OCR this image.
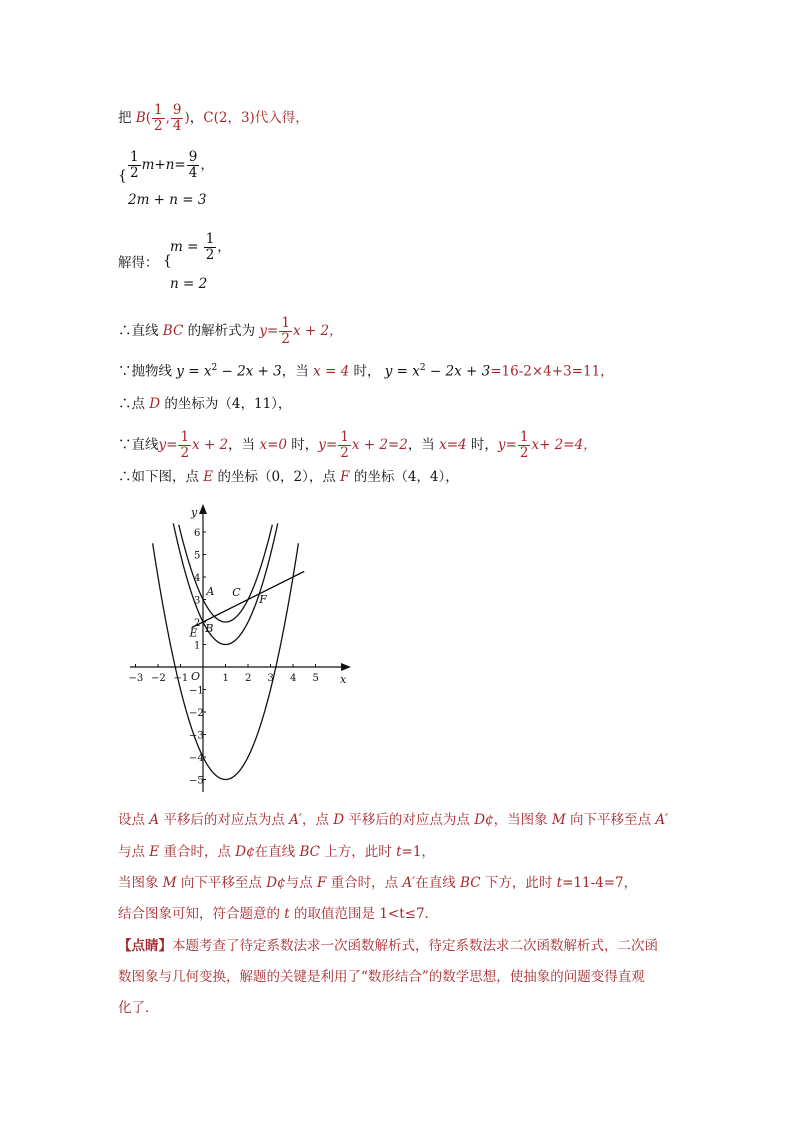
把 $B( \frac{1}{2}$ , $\frac{9}{4}$ )，C(2，3)代入得，
{ $\frac{1}{2} m+n= \frac{9}{4}$ ，
2m + n = 3
解得： {
$m = \frac{1}{2}$ ，
n = 2
∴直线 BC 的解析式为 $y= \frac{1}{2}$ x + 2，
∵抛物线 $y = x^2 - 2x + 3$，当 x = 4 时， $y = x^2 - 2x + 3=16-2\times 4+3=11$，
∴点 D 的坐标为（4，11），
∵直线$y= \frac{1}{2}$ x + 2，当 x=0 时，$y= \frac{1}{2}$ x + 2=2，当 x=4 时，$y= \frac{1}{2} x+ 2=4$，
∴如下图，点 E 的坐标（0，2），点 F 的坐标（4，4），
x
y
O
−3 −2 −1	1 2 3 4 5
1
2
3
4
5
6
−1
−2
−3
−4
−5
A
B
C
E
F
设点 A 平移后的对应点为点 A′，点 D 平移后的对应点为点 D¢，当图象 M 向下平移至点 A′
与点 E 重合时，点 D¢在直线 BC 上方，此时 t=1，
当图象 M 向下平移至点 D¢与点 F 重合时，点 A′在直线 BC 下方，此时 t=11-4=7，
结合图象可知，符合题意的 t 的取值范围是 1<t≤7．
【点睛】本题考查了待定系数法求一次函数解析式，待定系数法求二次函数解析式，二次函
数图象与几何变换，解题的关键是利用了“数形结合”的数学思想，使抽象的问题变得直观
化了．
